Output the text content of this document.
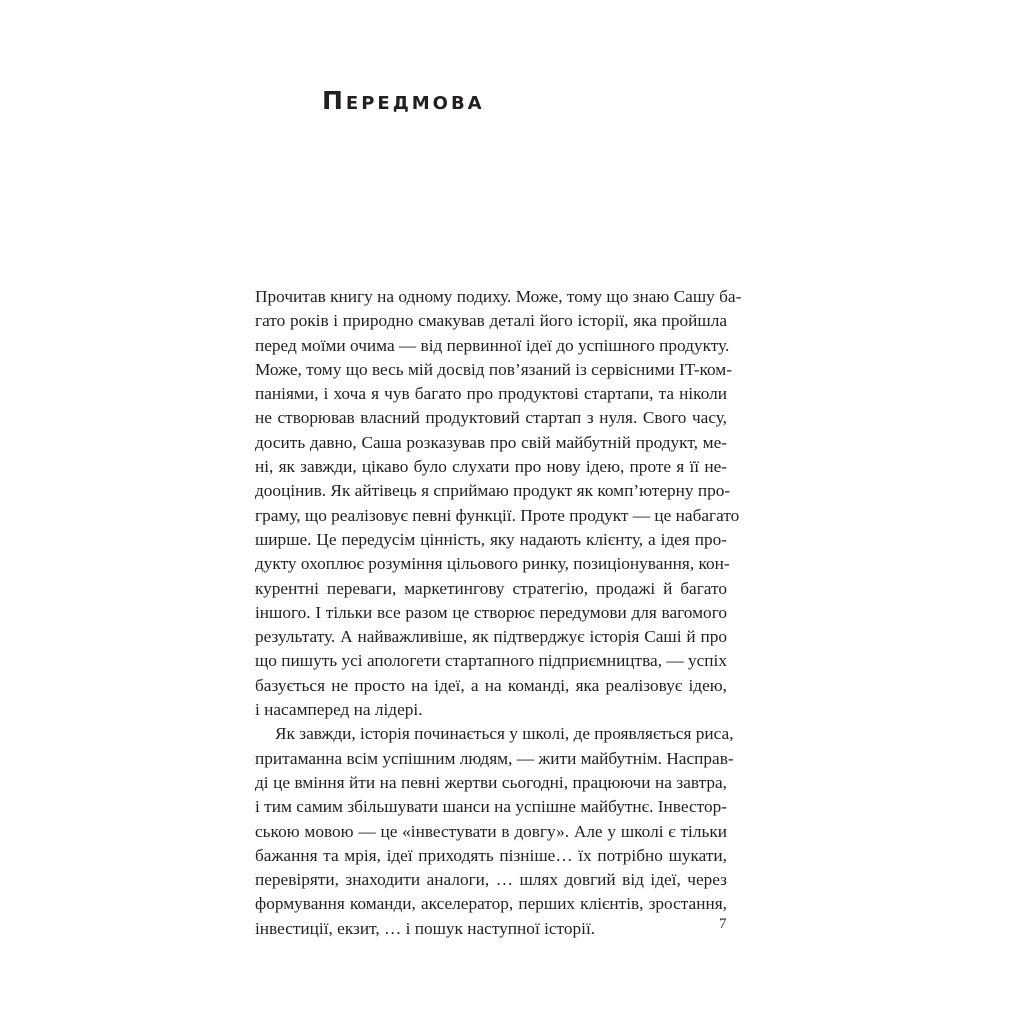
Передмова
Прочитав книгу на одному подиху. Може, тому що знаю Сашу ба-
гато років і природно смакував деталі його історії, яка пройшла
перед моїми очима — від первинної ідеї до успішного продукту.
Може, тому що весь мій досвід пов’язаний із сервісними IT-ком-
паніями, і хоча я чув багато про продуктові стартапи, та ніколи
не створював власний продуктовий стартап з нуля. Свого часу,
досить давно, Саша розказував про свій майбутній продукт, ме-
ні, як завжди, цікаво було слухати про нову ідею, проте я її не-
дооцінив. Як айтівець я сприймаю продукт як комп’ютерну про-
граму, що реалізовує певні функції. Проте продукт — це набагато
ширше. Це передусім цінність, яку надають клієнту, а ідея про-
дукту охоплює розуміння цільового ринку, позиціонування, кон-
курентні переваги, маркетингову стратегію, продажі й багато
іншого. І тільки все разом це створює передумови для вагомого
результату. А найважливіше, як підтверджує історія Саші й про
що пишуть усі апологети стартапного підприємництва, — успіх
базується не просто на ідеї, а на команді, яка реалізовує ідею,
і насамперед на лідері.
Як завжди, історія починається у школі, де проявляється риса,
притаманна всім успішним людям, — жити майбутнім. Насправ-
ді це вміння йти на певні жертви сьогодні, працюючи на завтра,
і тим самим збільшувати шанси на успішне майбутнє. Інвестор-
ською мовою — це «інвестувати в довгу». Але у школі є тільки
бажання та мрія, ідеї приходять пізніше… їх потрібно шукати,
перевіряти, знаходити аналоги, … шлях довгий від ідеї, через
формування команди, акселератор, перших клієнтів, зростання,
інвестиції, екзит, … і пошук наступної історії.	7
